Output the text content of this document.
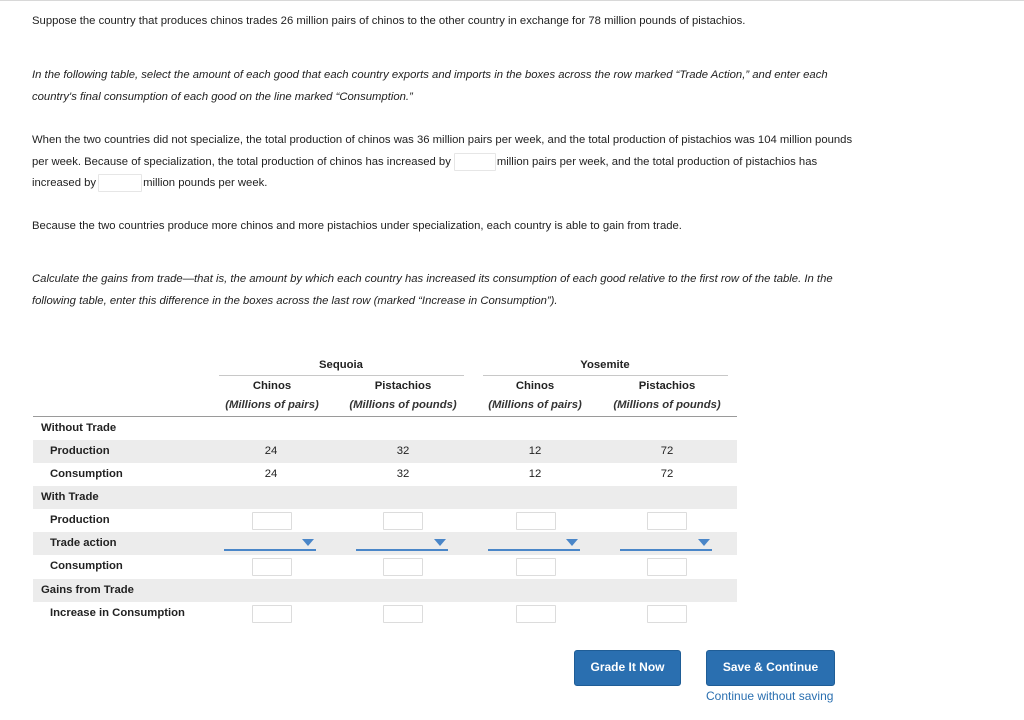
Suppose the country that produces chinos trades 26 million pairs of chinos to the other country in exchange for 78 million pounds of pistachios.

In the following table, select the amount of each good that each country exports and imports in the boxes across the row marked “Trade Action,” and enter each country's final consumption of each good on the line marked “Consumption.”

When the two countries did not specialize, the total production of chinos was 36 million pairs per week, and the total production of pistachios was 104 million pounds per week. Because of specialization, the total production of chinos has increased by	million pairs per week, and the total production of pistachios has increased by	million pounds per week.

Because the two countries produce more chinos and more pistachios under specialization, each country is able to gain from trade.

Calculate the gains from trade—that is, the amount by which each country has increased its consumption of each good relative to the first row of the table. In the following table, enter this difference in the boxes across the last row (marked “Increase in Consumption”).

Sequoia	Yosemite
Chinos	Pistachios	Chinos	Pistachios
(Millions of pairs)	(Millions of pounds)	(Millions of pairs)	(Millions of pounds)
Without Trade
Production	24	32	12	72
Consumption	24	32	12	72
With Trade
Production
Trade action
Consumption
Gains from Trade
Increase in Consumption
Grade It Now	Save & Continue
Continue without saving
